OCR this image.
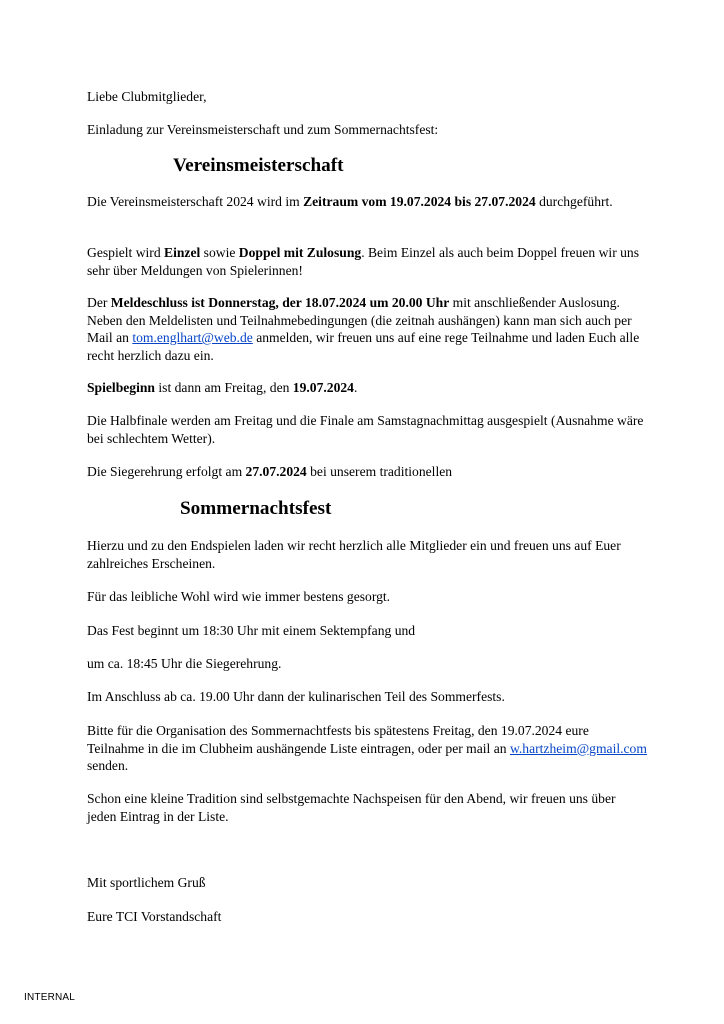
Liebe Clubmitglieder,

Einladung zur Vereinsmeisterschaft und zum Sommernachtsfest:

Vereinsmeisterschaft

Die Vereinsmeisterschaft 2024 wird im Zeitraum vom 19.07.2024 bis 27.07.2024 durchgeführt.

Gespielt wird Einzel sowie Doppel mit Zulosung. Beim Einzel als auch beim Doppel freuen wir uns sehr über Meldungen von Spielerinnen!

Der Meldeschluss ist Donnerstag, der 18.07.2024 um 20.00 Uhr mit anschließender Auslosung. Neben den Meldelisten und Teilnahmebedingungen (die zeitnah aushängen) kann man sich auch per Mail an tom.englhart@web.de anmelden, wir freuen uns auf eine rege Teilnahme und laden Euch alle recht herzlich dazu ein.

Spielbeginn ist dann am Freitag, den 19.07.2024.

Die Halbfinale werden am Freitag und die Finale am Samstagnachmittag ausgespielt (Ausnahme wäre bei schlechtem Wetter).

Die Siegerehrung erfolgt am 27.07.2024 bei unserem traditionellen

Sommernachtsfest

Hierzu und zu den Endspielen laden wir recht herzlich alle Mitglieder ein und freuen uns auf Euer zahlreiches Erscheinen.

Für das leibliche Wohl wird wie immer bestens gesorgt.

Das Fest beginnt um 18:30 Uhr mit einem Sektempfang und

um ca. 18:45 Uhr die Siegerehrung.

Im Anschluss ab ca. 19.00 Uhr dann der kulinarischen Teil des Sommerfests.

Bitte für die Organisation des Sommernachtfests bis spätestens Freitag, den 19.07.2024 eure Teilnahme in die im Clubheim aushängende Liste eintragen, oder per mail an w.hartzheim@gmail.com senden.

Schon eine kleine Tradition sind selbstgemachte Nachspeisen für den Abend, wir freuen uns über jeden Eintrag in der Liste.

Mit sportlichem Gruß

Eure TCI Vorstandschaft

INTERNAL
